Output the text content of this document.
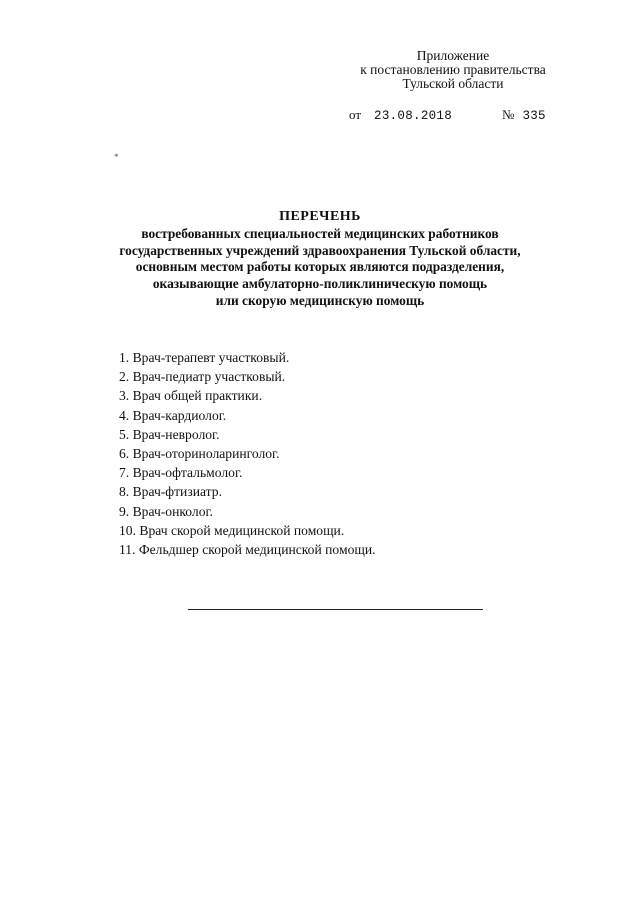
Приложение
к постановлению правительства
Тульской области
от 23.08.2018	№ 335
*
ПЕРЕЧЕНЬ
востребованных специальностей медицинских работников
государственных учреждений здравоохранения Тульской области,
основным местом работы которых являются подразделения,
оказывающие амбулаторно-поликлиническую помощь
или скорую медицинскую помощь
1. Врач-терапевт участковый.
2. Врач-педиатр участковый.
3. Врач общей практики.
4. Врач-кардиолог.
5. Врач-невролог.
6. Врач-оториноларинголог.
7. Врач-офтальмолог.
8. Врач-фтизиатр.
9. Врач-онколог.
10. Врач скорой медицинской помощи.
11. Фельдшер скорой медицинской помощи.
